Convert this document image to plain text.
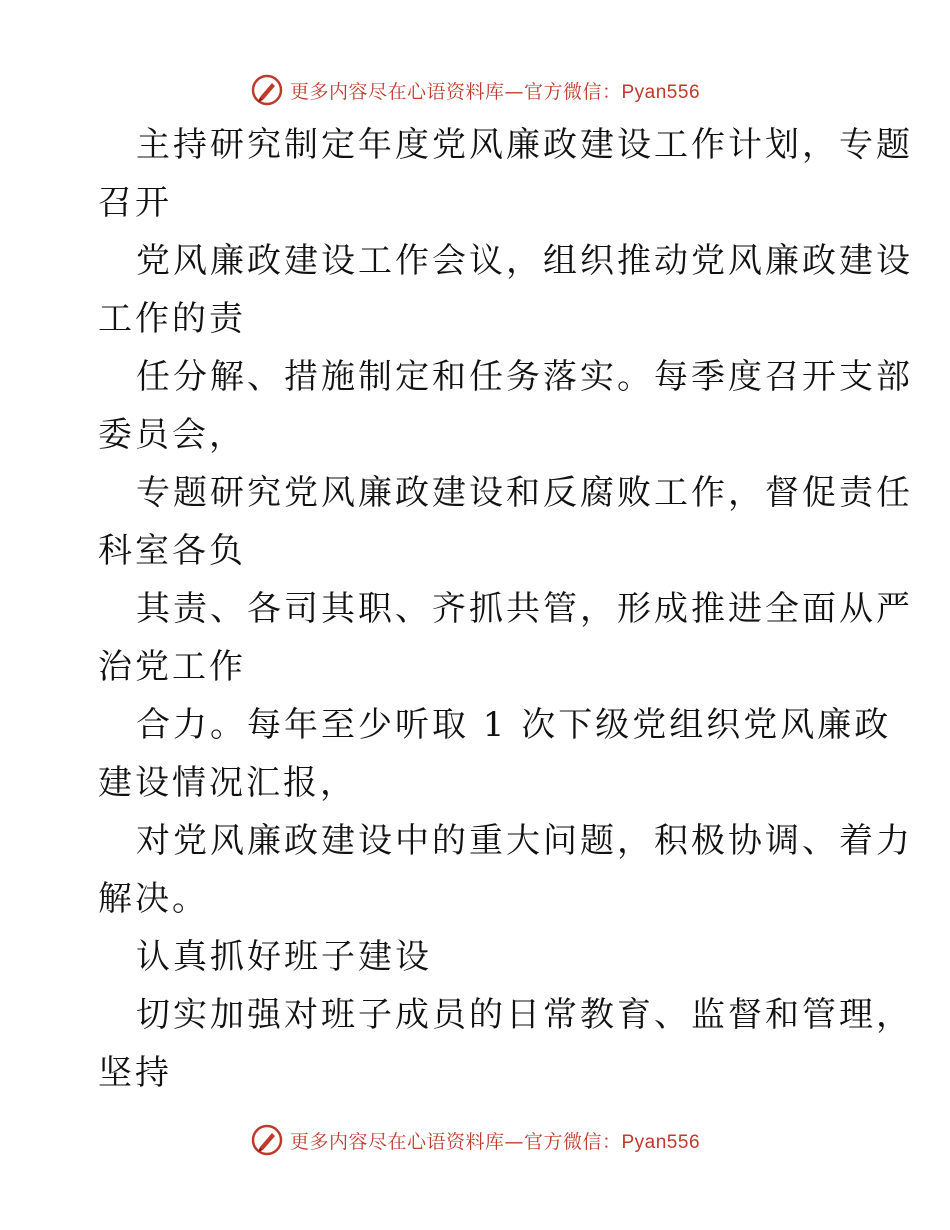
更多内容尽在心语资料库—官方微信：Pyan556
主持研究制定年度党风廉政建设工作计划，专题
召开
党风廉政建设工作会议，组织推动党风廉政建设
工作的责
任分解、措施制定和任务落实。每季度召开支部
委员会，
专题研究党风廉政建设和反腐败工作，督促责任
科室各负
其责、各司其职、齐抓共管，形成推进全面从严
治党工作
合力。每年至少听取 1 次下级党组织党风廉政
建设情况汇报，
对党风廉政建设中的重大问题，积极协调、着力
解决。
认真抓好班子建设
切实加强对班子成员的日常教育、监督和管理，
坚持
更多内容尽在心语资料库—官方微信：Pyan556
